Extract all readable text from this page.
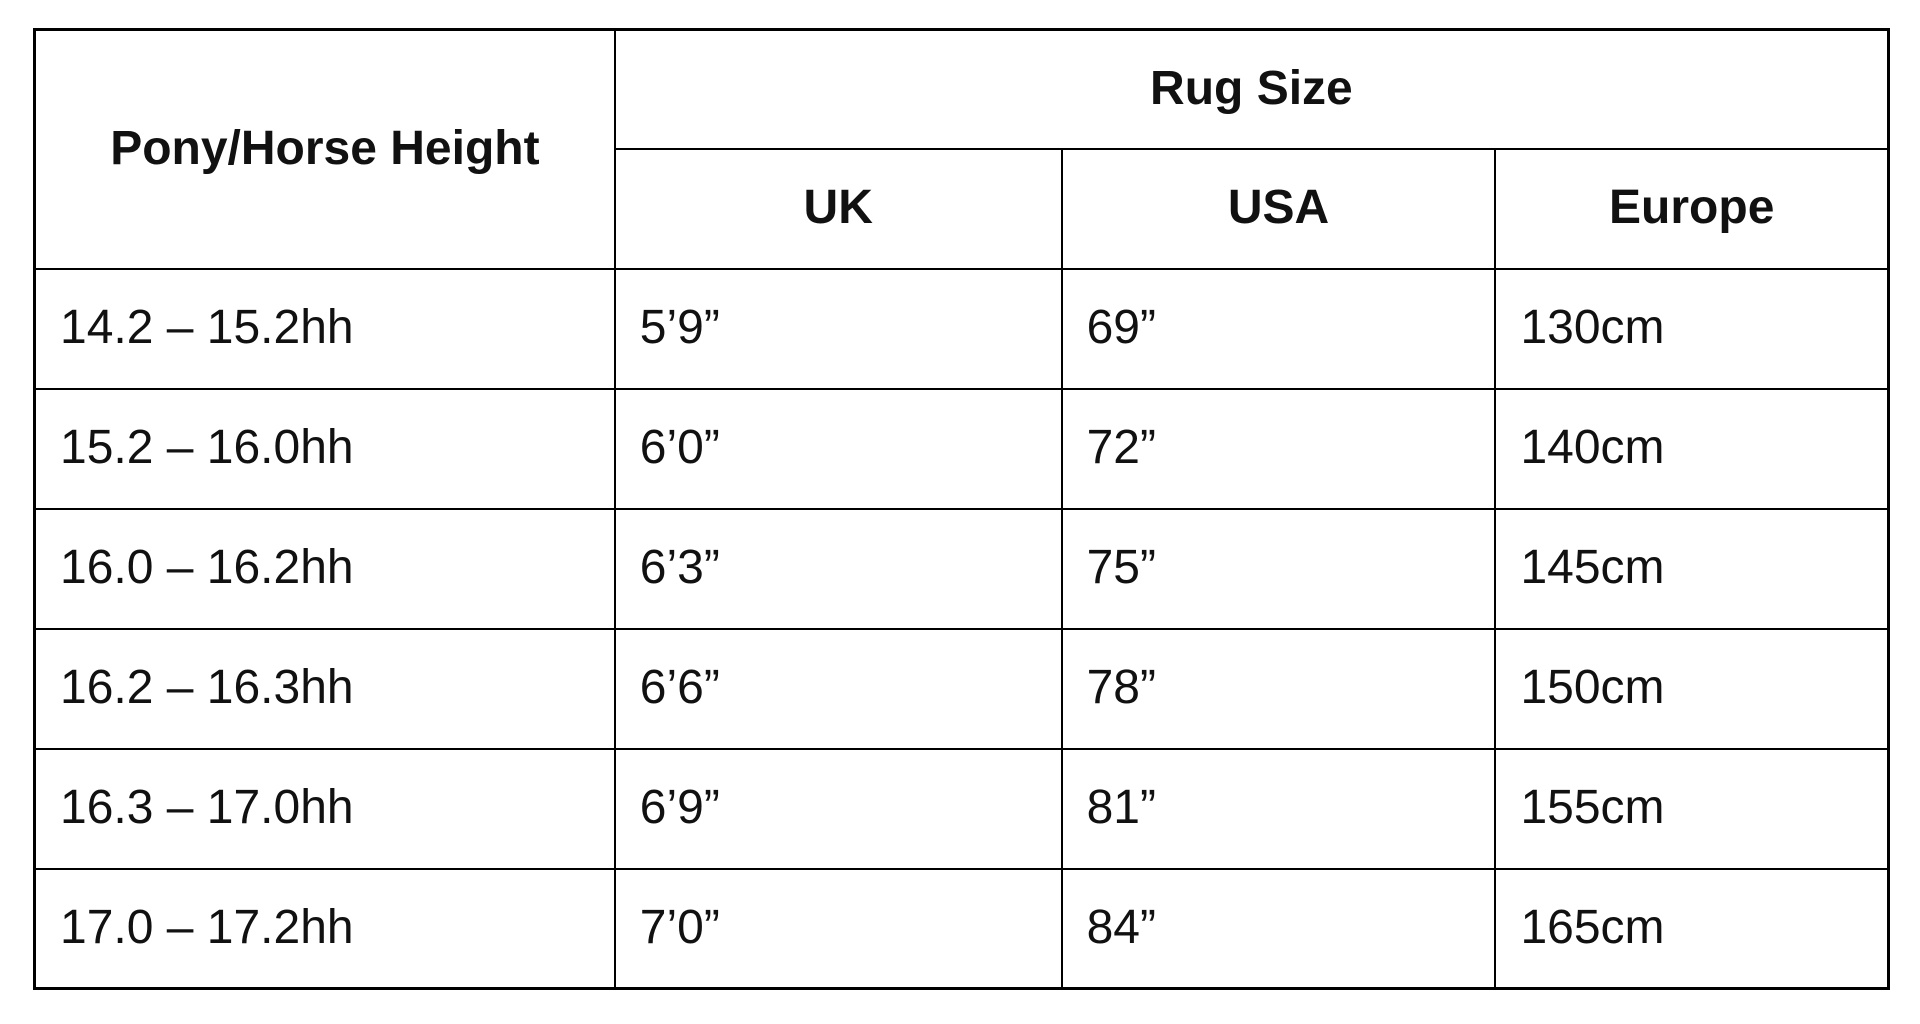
Pony/Horse Height	Rug Size		
	UK	USA	Europe
14.2 – 15.2hh	5’9”	69”	130cm
15.2 – 16.0hh	6’0”	72”	140cm
16.0 – 16.2hh	6’3”	75”	145cm
16.2 – 16.3hh	6’6”	78”	150cm
16.3 – 17.0hh	6’9”	81”	155cm
17.0 – 17.2hh	7’0”	84”	165cm
